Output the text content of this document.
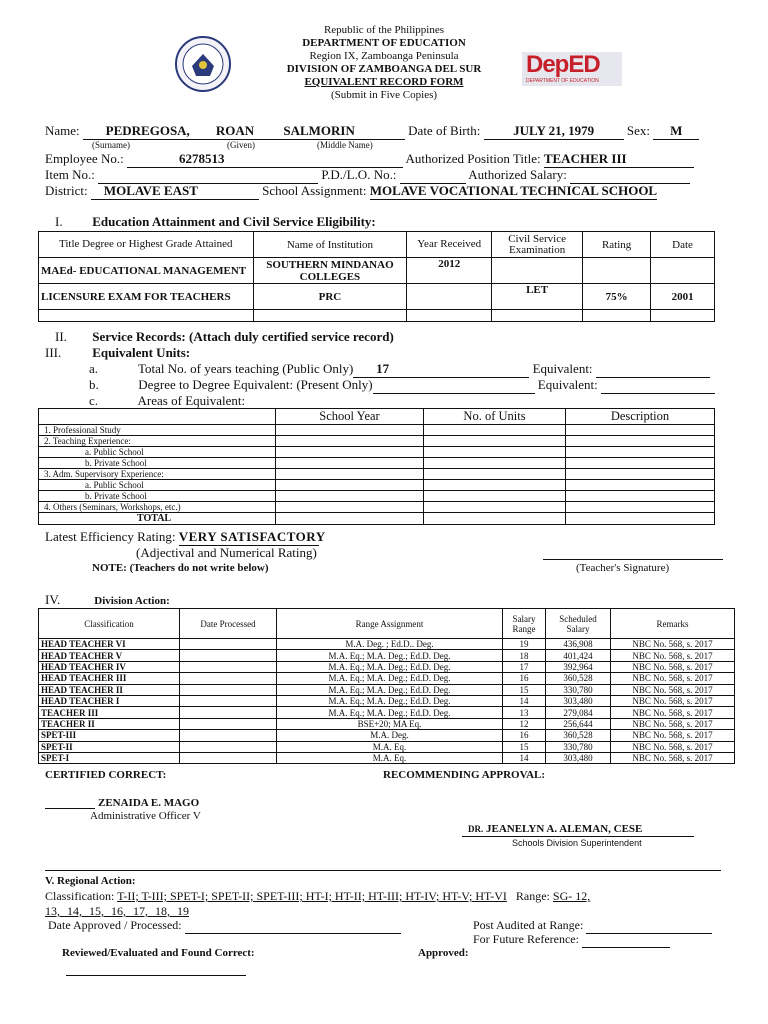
Republic of the Philippines
DEPARTMENT OF EDUCATION
Region IX, Zamboanga Peninsula
DIVISION OF ZAMBOANGA DEL SUR
EQUIVALENT RECORD FORM
(Submit in Five Copies)
DepED
DEPARTMENT OF EDUCATION
Name: PEDREGOSA, ROAN SALMORIN	Date of Birth:	JULY 21, 1979	Sex: M
(Surname)	(Given)	(Middle Name)
Employee No.:	6278513	Authorized Position Title: TEACHER III
Item No.:	P.D./L.O. No.:	Authorized Salary:
District: MOLAVE EAST	School Assignment: MOLAVE VOCATIONAL TECHNICAL SCHOOL
I. Education Attainment and Civil Service Eligibility:
Title Degree or Highest Grade Attained	Name of Institution	Year Received	Civil Service Examination	Rating	Date
MAEd- EDUCATIONAL MANAGEMENT	SOUTHERN MINDANAO COLLEGES	2012			
LICENSURE EXAM FOR TEACHERS	PRC		LET	75%	2001

II. Service Records: (Attach duly certified service record)
III. Equivalent Units:
a.	Total No. of years teaching (Public Only) 17	Equivalent:
b.	Degree to Degree Equivalent: (Present Only)	Equivalent:
c.	Areas of Equivalent:
	School Year	No. of Units	Description
1. Professional Study			
2. Teaching Experience:			
a. Public School			
b. Private School			
3. Adm. Supervisory Experience:			
a. Public School			
b. Private School			
4. Others (Seminars, Workshops, etc.)			
TOTAL			
Latest Efficiency Rating: VERY SATISFACTORY
(Adjectival and Numerical Rating)
NOTE: (Teachers do not write below)	(Teacher's Signature)
IV.	Division Action:
Classification	Date Processed	Range Assignment	Salary Range	Scheduled Salary	Remarks
HEAD TEACHER VI		M.A. Deg. ; Ed.D.. Deg.	19	436,908	NBC No. 568, s. 2017
HEAD TEACHER V		M.A. Eq.; M.A. Deg.; Ed.D. Deg.	18	401,424	NBC No. 568, s. 2017
HEAD TEACHER IV		M.A. Eq.; M.A. Deg.; Ed.D. Deg.	17	392,964	NBC No. 568, s. 2017
HEAD TEACHER III		M.A. Eq.; M.A. Deg.; Ed.D. Deg.	16	360,528	NBC No. 568, s. 2017
HEAD TEACHER II		M.A. Eq.; M.A. Deg.; Ed.D. Deg.	15	330,780	NBC No. 568, s. 2017
HEAD TEACHER I		M.A. Eq.; M.A. Deg.; Ed.D. Deg.	14	303,480	NBC No. 568, s. 2017
TEACHER III		M.A. Eq.; M.A. Deg.; Ed.D. Deg.	13	279,084	NBC No. 568, s. 2017
TEACHER II		BSE+20; MA Eq.	12	256,644	NBC No. 568, s. 2017
SPET-III		M.A. Deg.	16	360,528	NBC No. 568, s. 2017
SPET-II		M.A. Eq.	15	330,780	NBC No. 568, s. 2017
SPET-I		M.A. Eq.	14	303,480	NBC No. 568, s. 2017
CERTIFIED CORRECT:	RECOMMENDING APPROVAL:
ZENAIDA E. MAGO
Administrative Officer V
DR. JEANELYN A. ALEMAN, CESE
Schools Division Superintendent
V. Regional Action:
Classification: T-II; T-III; SPET-I; SPET-II; SPET-III; HT-I; HT-II; HT-III; HT-IV; HT-V; HT-VI Range: SG- 12,
13, 14, 15, 16, 17, 18, 19
Date Approved / Processed:	Post Audited at Range:
For Future Reference:
Reviewed/Evaluated and Found Correct:	Approved:
